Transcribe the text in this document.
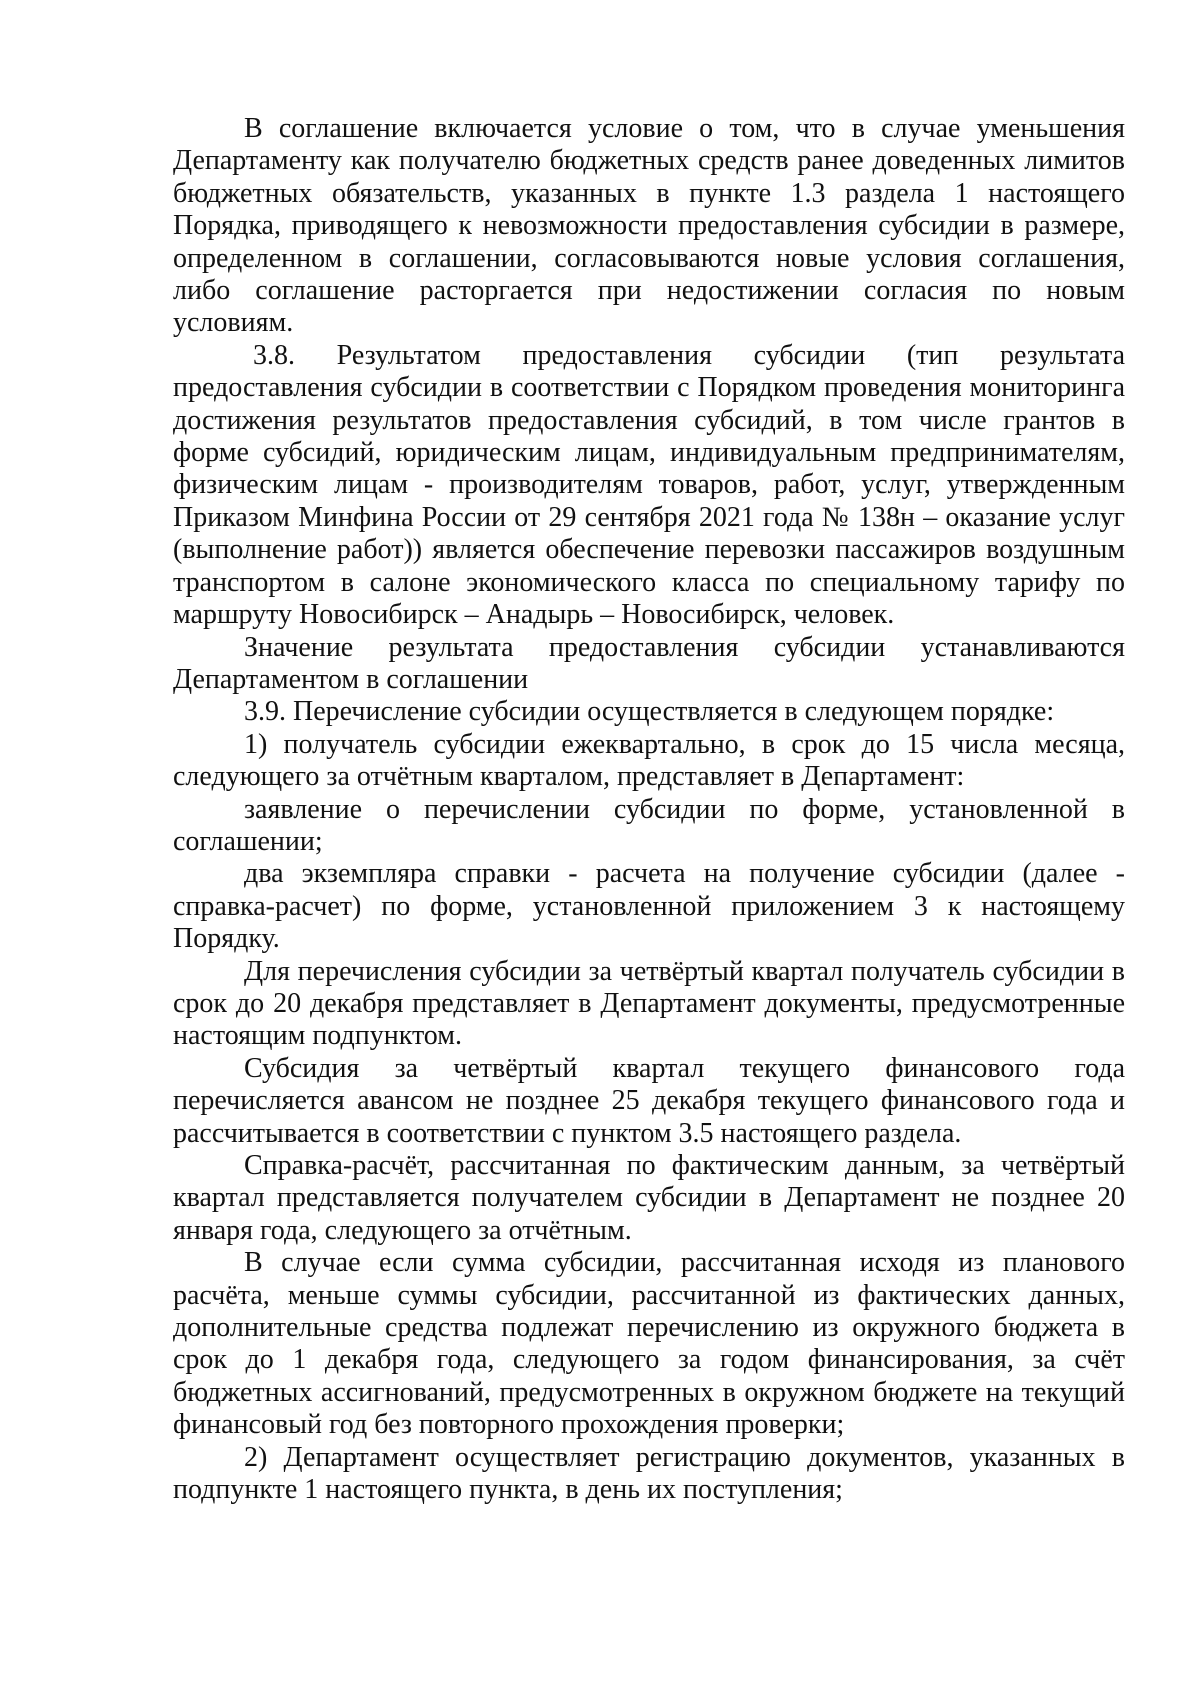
В соглашение включается условие о том, что в случае уменьшения Департаменту как получателю бюджетных средств ранее доведенных лимитов бюджетных обязательств, указанных в пункте 1.3 раздела 1 настоящего Порядка, приводящего к невозможности предоставления субсидии в размере, определенном в соглашении, согласовываются новые условия соглашения, либо соглашение расторгается при недостижении согласия по новым условиям.

3.8. Результатом предоставления субсидии (тип результата предоставления субсидии в соответствии с Порядком проведения мониторинга достижения результатов предоставления субсидий, в том числе грантов в форме субсидий, юридическим лицам, индивидуальным предпринимателям, физическим лицам - производителям товаров, работ, услуг, утвержденным Приказом Минфина России от 29 сентября 2021 года № 138н – оказание услуг (выполнение работ)) является обеспечение перевозки пассажиров воздушным транспортом в салоне экономического класса по специальному тарифу по маршруту Новосибирск – Анадырь – Новосибирск, человек.

Значение результата предоставления субсидии устанавливаются Департаментом в соглашении

3.9. Перечисление субсидии осуществляется в следующем порядке:

1) получатель субсидии ежеквартально, в срок до 15 числа месяца, следующего за отчётным кварталом, представляет в Департамент:

заявление о перечислении субсидии по форме, установленной в соглашении;

два экземпляра справки - расчета на получение субсидии (далее - справка-расчет) по форме, установленной приложением 3 к настоящему Порядку.

Для перечисления субсидии за четвёртый квартал получатель субсидии в срок до 20 декабря представляет в Департамент документы, предусмотренные настоящим подпунктом.

Субсидия за четвёртый квартал текущего финансового года перечисляется авансом не позднее 25 декабря текущего финансового года и рассчитывается в соответствии с пунктом 3.5 настоящего раздела.

Справка-расчёт, рассчитанная по фактическим данным, за четвёртый квартал представляется получателем субсидии в Департамент не позднее 20 января года, следующего за отчётным.

В случае если сумма субсидии, рассчитанная исходя из планового расчёта, меньше суммы субсидии, рассчитанной из фактических данных, дополнительные средства подлежат перечислению из окружного бюджета в срок до 1 декабря года, следующего за годом финансирования, за счёт бюджетных ассигнований, предусмотренных в окружном бюджете на текущий финансовый год без повторного прохождения проверки;

2) Департамент осуществляет регистрацию документов, указанных в подпункте 1 настоящего пункта, в день их поступления;
